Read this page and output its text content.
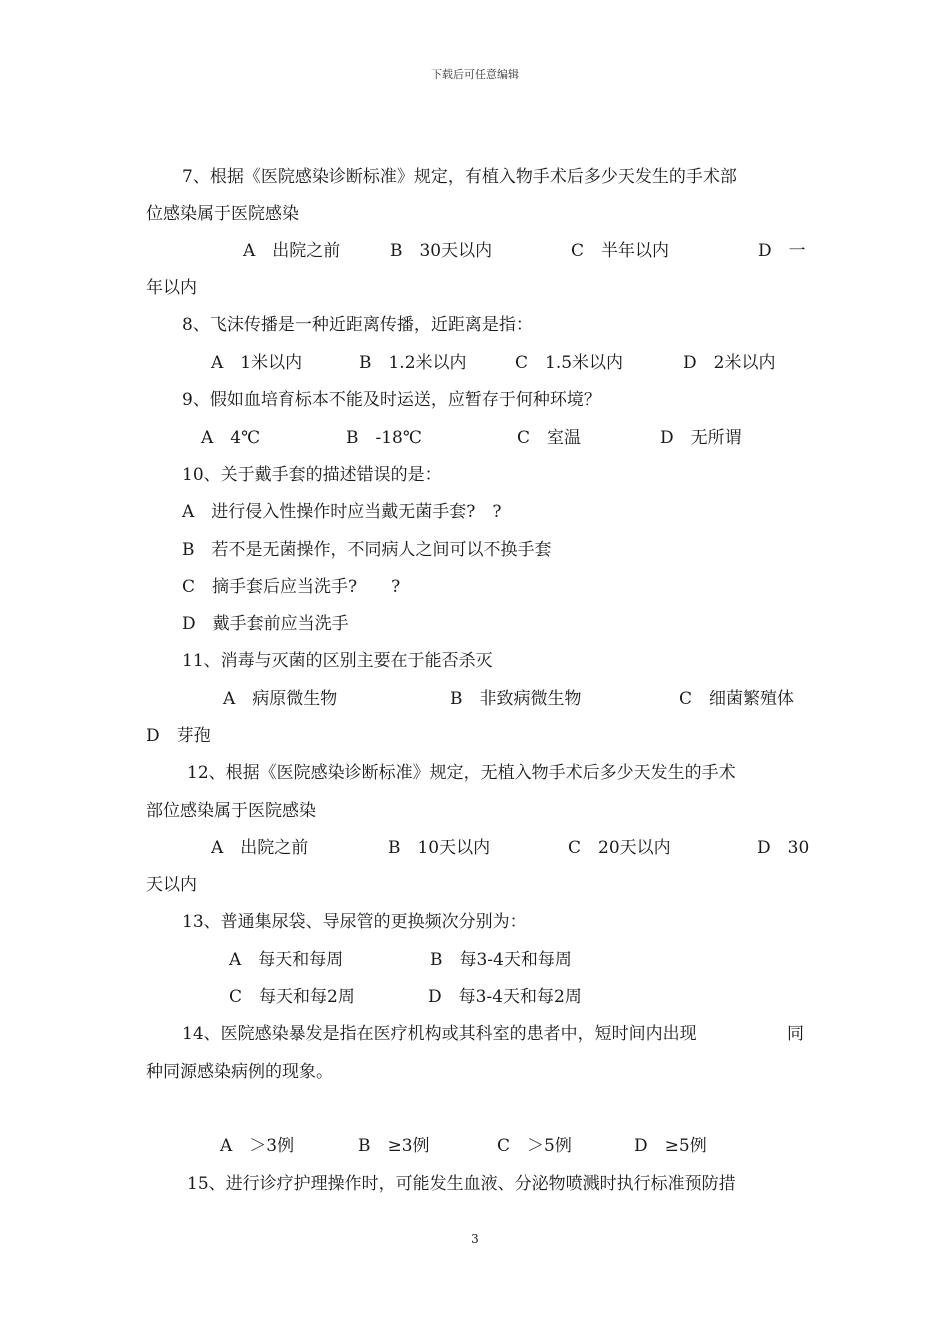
下载后可任意编辑
7、根据《医院感染诊断标准》规定，有植入物手术后多少天发生的手术部
位感染属于医院感染
A　出院之前	B　30天以内	C　半年以内	D　一
年以内
8、飞沫传播是一种近距离传播，近距离是指：
A　1米以内	B　1.2米以内	C　1.5米以内	D　2米以内
9、假如血培育标本不能及时运送，应暂存于何种环境？
A　4℃	B　-18℃	C　室温	D　无所谓
10、关于戴手套的描述错误的是：
A　进行侵入性操作时应当戴无菌手套?　?
B　若不是无菌操作，不同病人之间可以不换手套
C　摘手套后应当洗手?　　?
D　戴手套前应当洗手
11、消毒与灭菌的区别主要在于能否杀灭
A　病原微生物	B　非致病微生物	C　细菌繁殖体
D　芽孢
12、根据《医院感染诊断标准》规定，无植入物手术后多少天发生的手术
部位感染属于医院感染
A　出院之前	B　10天以内	C　20天以内	D　30
天以内
13、普通集尿袋、导尿管的更换频次分别为：
A　每天和每周	B　每3-4天和每周
C　每天和每2周	D　每3-4天和每2周
14、医院感染暴发是指在医疗机构或其科室的患者中，短时间内出现	同
种同源感染病例的现象。
A　＞3例	B　≥3例	C　＞5例	D　≥5例
15、进行诊疗护理操作时，可能发生血液、分泌物喷溅时执行标准预防措
3
